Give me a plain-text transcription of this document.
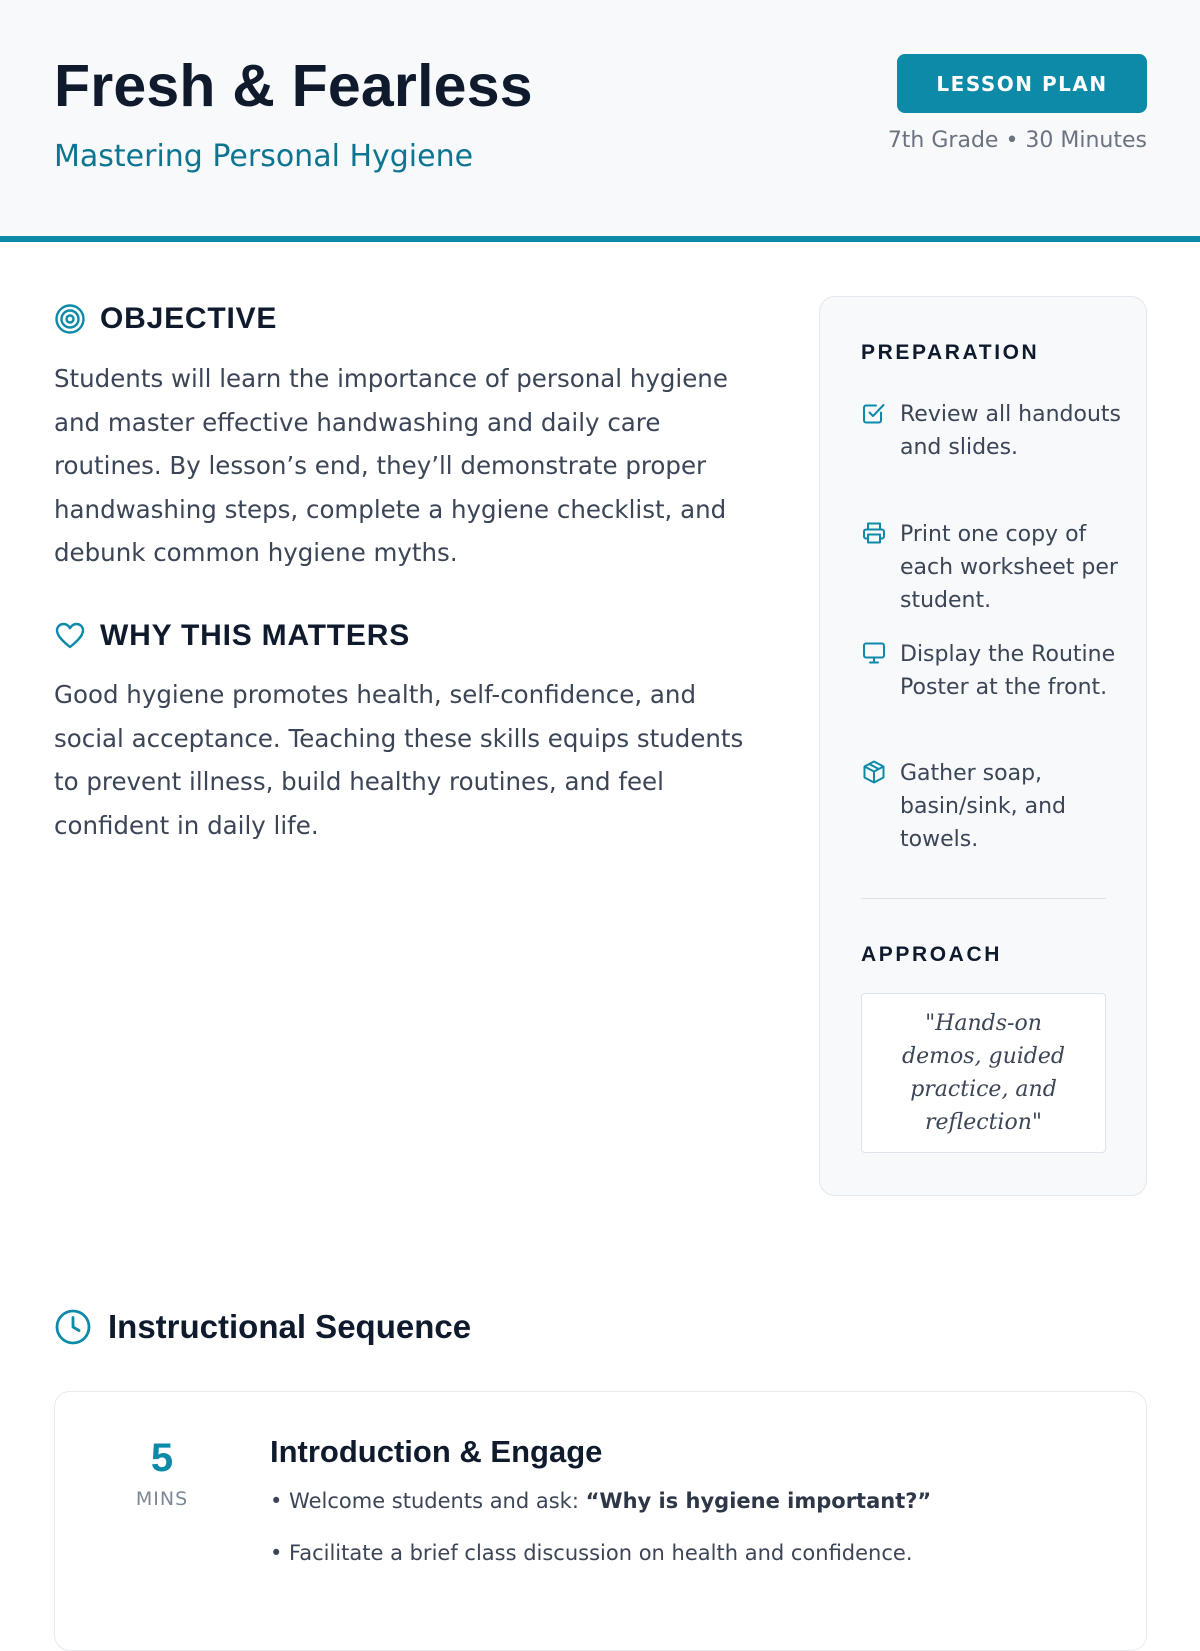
Fresh & Fearless
Mastering Personal Hygiene
LESSON PLAN
7th Grade • 30 Minutes
OBJECTIVE
Students will learn the importance of personal hygiene and master effective handwashing and daily care routines. By lesson’s end, they’ll demonstrate proper handwashing steps, complete a hygiene checklist, and debunk common hygiene myths.
WHY THIS MATTERS
Good hygiene promotes health, self-confidence, and social acceptance. Teaching these skills equips students to prevent illness, build healthy routines, and feel confident in daily life.
PREPARATION
Review all handouts and slides.
Print one copy of each worksheet per student.
Display the Routine Poster at the front.
Gather soap, basin/sink, and towels.
APPROACH
"Hands-on demos, guided practice, and reflection"
Instructional Sequence
5
MINS
Introduction & Engage
• Welcome students and ask: “Why is hygiene important?”
• Facilitate a brief class discussion on health and confidence.
